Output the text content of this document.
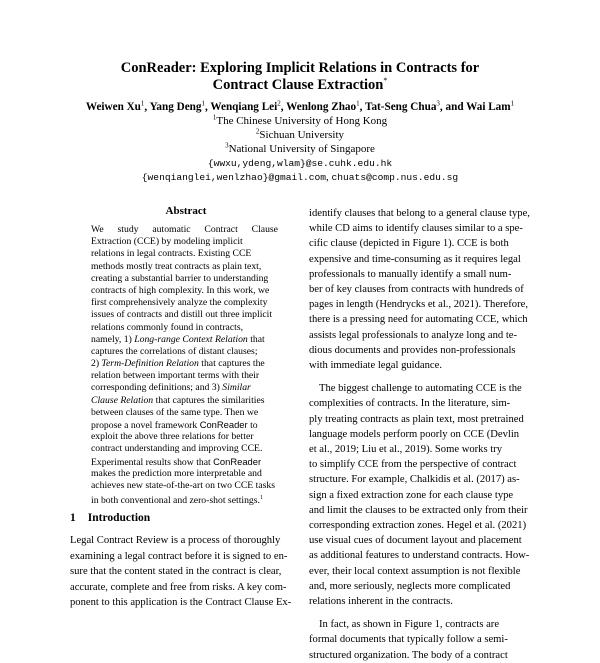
ConReader: Exploring Implicit Relations in Contracts for
Contract Clause Extraction*
Weiwen Xu$^1$, Yang Deng$^1$, Wenqiang Lei$^2$, Wenlong Zhao$^1$, Tat-Seng Chua$^3$, and Wai Lam$^1$
$^1$The Chinese University of Hong Kong
$^2$Sichuan University
$^3$National University of Singapore
{wwxu,ydeng,wlam}@se.cuhk.edu.hk
{wenqianglei,wenlzhao}@gmail.com, chuats@comp.nus.edu.sg
Abstract
We study automatic Contract Clause
Extraction (CCE) by modeling implicit
relations in legal contracts. Existing CCE
methods mostly treat contracts as plain text,
creating a substantial barrier to understanding
contracts of high complexity. In this work, we
first comprehensively analyze the complexity
issues of contracts and distill out three implicit
relations commonly found in contracts,
namely, 1) Long-range Context Relation that
captures the correlations of distant clauses;
2) Term-Definition Relation that captures the
relation between important terms with their
corresponding definitions; and 3) Similar
Clause Relation that captures the similarities
between clauses of the same type. Then we
propose a novel framework ConReader to
exploit the above three relations for better
contract understanding and improving CCE.
Experimental results show that ConReader
makes the prediction more interpretable and
achieves new state-of-the-art on two CCE tasks
in both conventional and zero-shot settings.$^1$
1 Introduction
Legal Contract Review is a process of thoroughly
examining a legal contract before it is signed to en-
sure that the content stated in the contract is clear,
accurate, complete and free from risks. A key com-
ponent to this application is the Contract Clause Ex-
identify clauses that belong to a general clause type,
while CD aims to identify clauses similar to a spe-
cific clause (depicted in Figure 1). CCE is both
expensive and time-consuming as it requires legal
professionals to manually identify a small num-
ber of key clauses from contracts with hundreds of
pages in length (Hendrycks et al., 2021). Therefore,
there is a pressing need for automating CCE, which
assists legal professionals to analyze long and te-
dious documents and provides non-professionals
with immediate legal guidance.
The biggest challenge to automating CCE is the
complexities of contracts. In the literature, sim-
ply treating contracts as plain text, most pretrained
language models perform poorly on CCE (Devlin
et al., 2019; Liu et al., 2019). Some works try
to simplify CCE from the perspective of contract
structure. For example, Chalkidis et al. (2017) as-
sign a fixed extraction zone for each clause type
and limit the clauses to be extracted only from their
corresponding extraction zones. Hegel et al. (2021)
use visual cues of document layout and placement
as additional features to understand contracts. How-
ever, their local context assumption is not flexible
and, more seriously, neglects more complicated
relations inherent in the contracts.
In fact, as shown in Figure 1, contracts are
formal documents that typically follow a semi-
structured organization. The body of a contract
